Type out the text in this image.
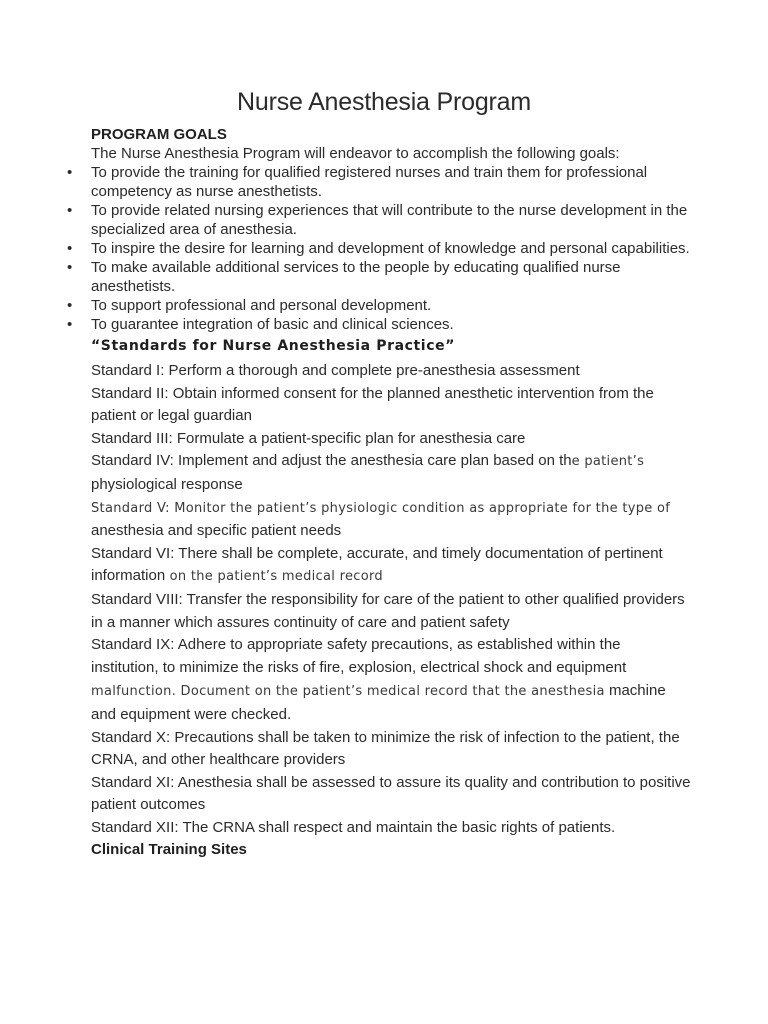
Nurse Anesthesia Program

PROGRAM GOALS

The Nurse Anesthesia Program will endeavor to accomplish the following goals:

• To provide the training for qualified registered nurses and train them for professional competency as nurse anesthetists.
• To provide related nursing experiences that will contribute to the nurse development in the specialized area of anesthesia.
• To inspire the desire for learning and development of knowledge and personal capabilities.
• To make available additional services to the people by educating qualified nurse anesthetists.
• To support professional and personal development.
• To guarantee integration of basic and clinical sciences.

“Standards for Nurse Anesthesia Practice”

Standard I: Perform a thorough and complete pre-anesthesia assessment

Standard II: Obtain informed consent for the planned anesthetic intervention from the patient or legal guardian

Standard III: Formulate a patient-specific plan for anesthesia care

Standard IV: Implement and adjust the anesthesia care plan based on the patient’s physiological response

Standard V: Monitor the patient’s physiologic condition as appropriate for the type of anesthesia and specific patient needs

Standard VI: There shall be complete, accurate, and timely documentation of pertinent information on the patient’s medical record

Standard VIII: Transfer the responsibility for care of the patient to other qualified providers in a manner which assures continuity of care and patient safety

Standard IX: Adhere to appropriate safety precautions, as established within the institution, to minimize the risks of fire, explosion, electrical shock and equipment malfunction. Document on the patient’s medical record that the anesthesia machine and equipment were checked.

Standard X: Precautions shall be taken to minimize the risk of infection to the patient, the CRNA, and other healthcare providers

Standard XI: Anesthesia shall be assessed to assure its quality and contribution to positive patient outcomes

Standard XII: The CRNA shall respect and maintain the basic rights of patients.

Clinical Training Sites
